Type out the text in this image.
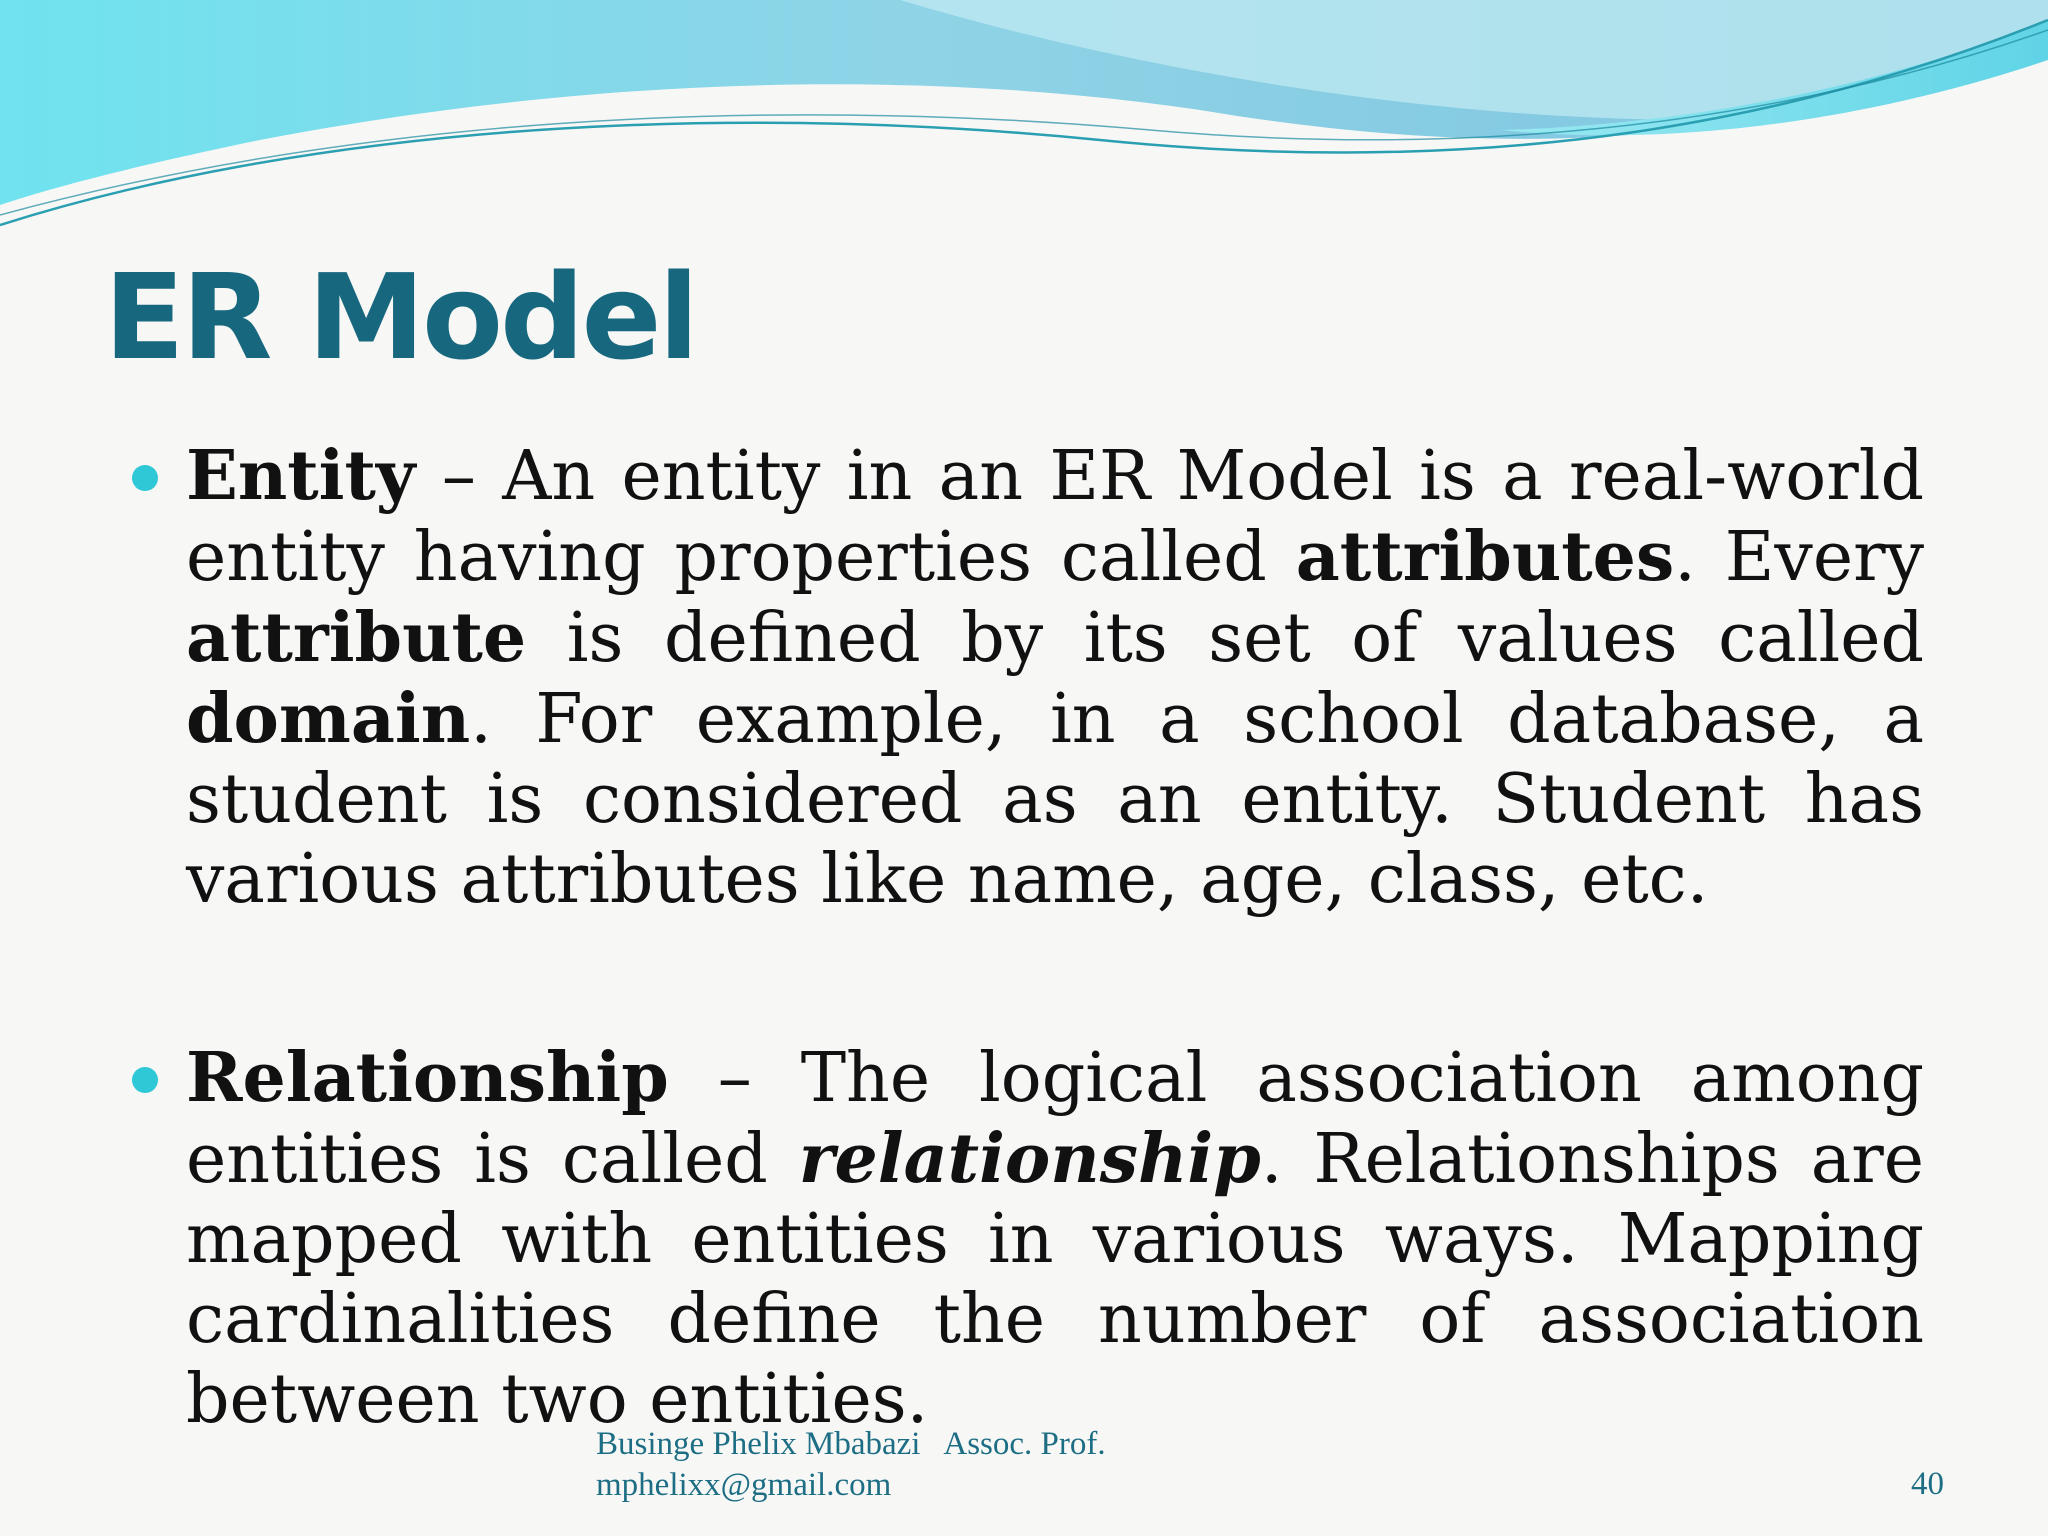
ER Model

Entity – An entity in an ER Model is a real-world entity having properties called attributes. Every attribute is defined by its set of values called domain. For example, in a school database, a student is considered as an entity. Student has various attributes like name, age, class, etc.

Relationship – The logical association among entities is called relationship. Relationships are mapped with entities in various ways. Mapping cardinalities define the number of association between two entities.

Businge Phelix Mbabazi   Assoc. Prof.
mphelixx@gmail.com	40
